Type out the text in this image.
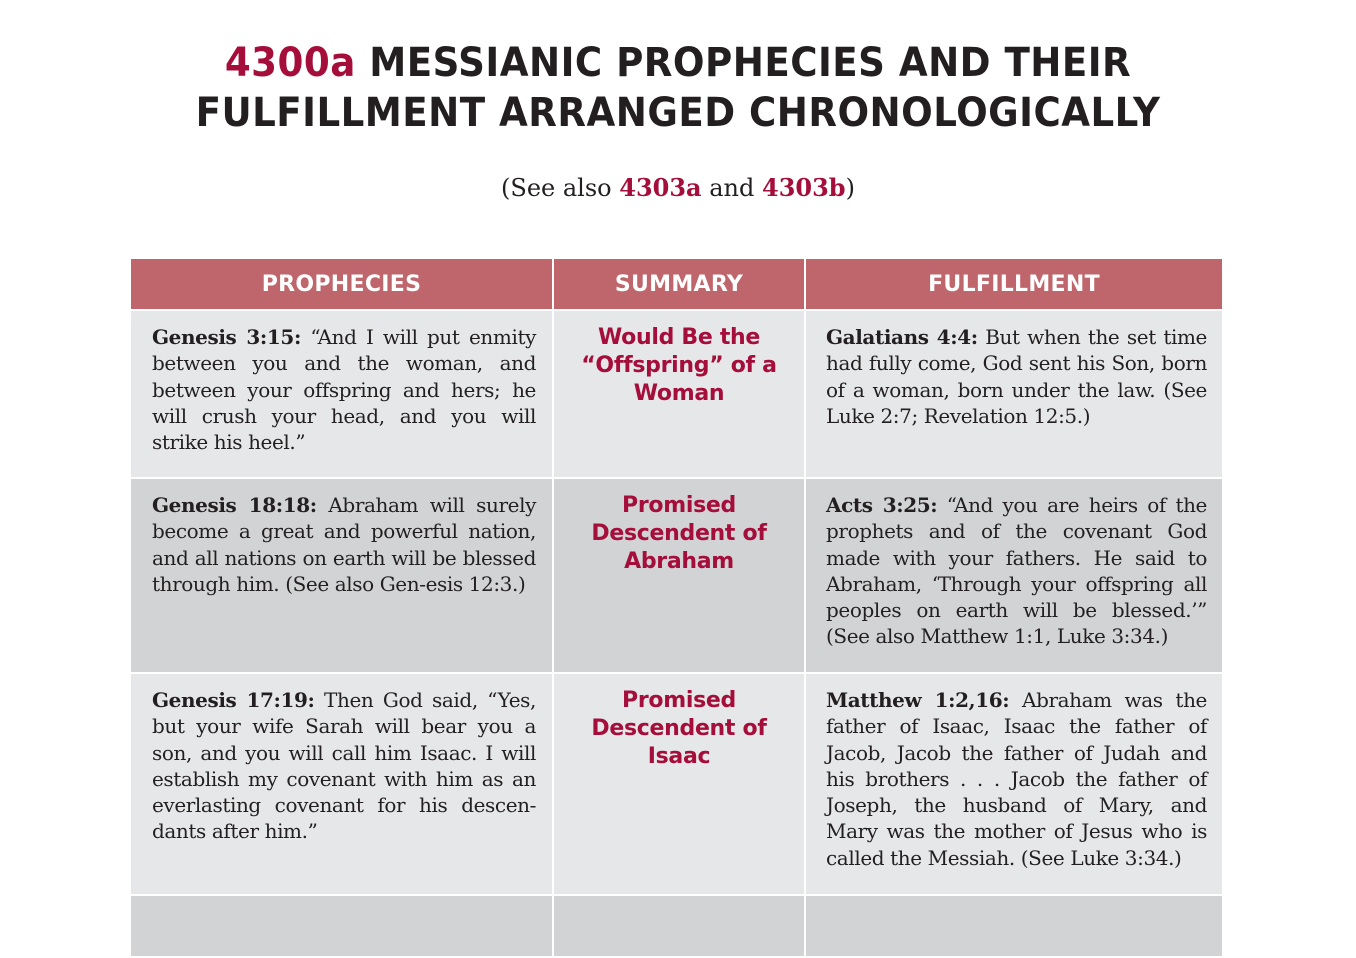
4300a MESSIANIC PROPHECIES AND THEIR
FULFILLMENT ARRANGED CHRONOLOGICALLY
(See also 4303a and 4303b)
PROPHECIES	SUMMARY	FULFILLMENT
Genesis 3:15: “And I will put enmity between you and the woman, and between your offspring and hers; he will crush your head, and you will strike his heel.”
Would Be the “Offspring” of a Woman
Galatians 4:4: But when the set time had fully come, God sent his Son, born of a woman, born under the law. (See Luke 2:7; Revelation 12:5.)
Genesis 18:18: Abraham will surely become a great and powerful nation, and all nations on earth will be blessed through him. (See also Gen-esis 12:3.)
Promised Descendent of Abraham
Acts 3:25: “And you are heirs of the prophets and of the covenant God made with your fathers. He said to Abraham, ‘Through your offspring all peoples on earth will be blessed.’” (See also Matthew 1:1, Luke 3:34.)
Genesis 17:19: Then God said, “Yes, but your wife Sarah will bear you a son, and you will call him Isaac. I will establish my covenant with him as an everlasting covenant for his descen-dants after him.”
Promised Descendent of Isaac
Matthew 1:2,16: Abraham was the father of Isaac, Isaac the father of Jacob, Jacob the father of Judah and his brothers . . . Jacob the father of Joseph, the husband of Mary, and Mary was the mother of Jesus who is called the Messiah. (See Luke 3:34.)
